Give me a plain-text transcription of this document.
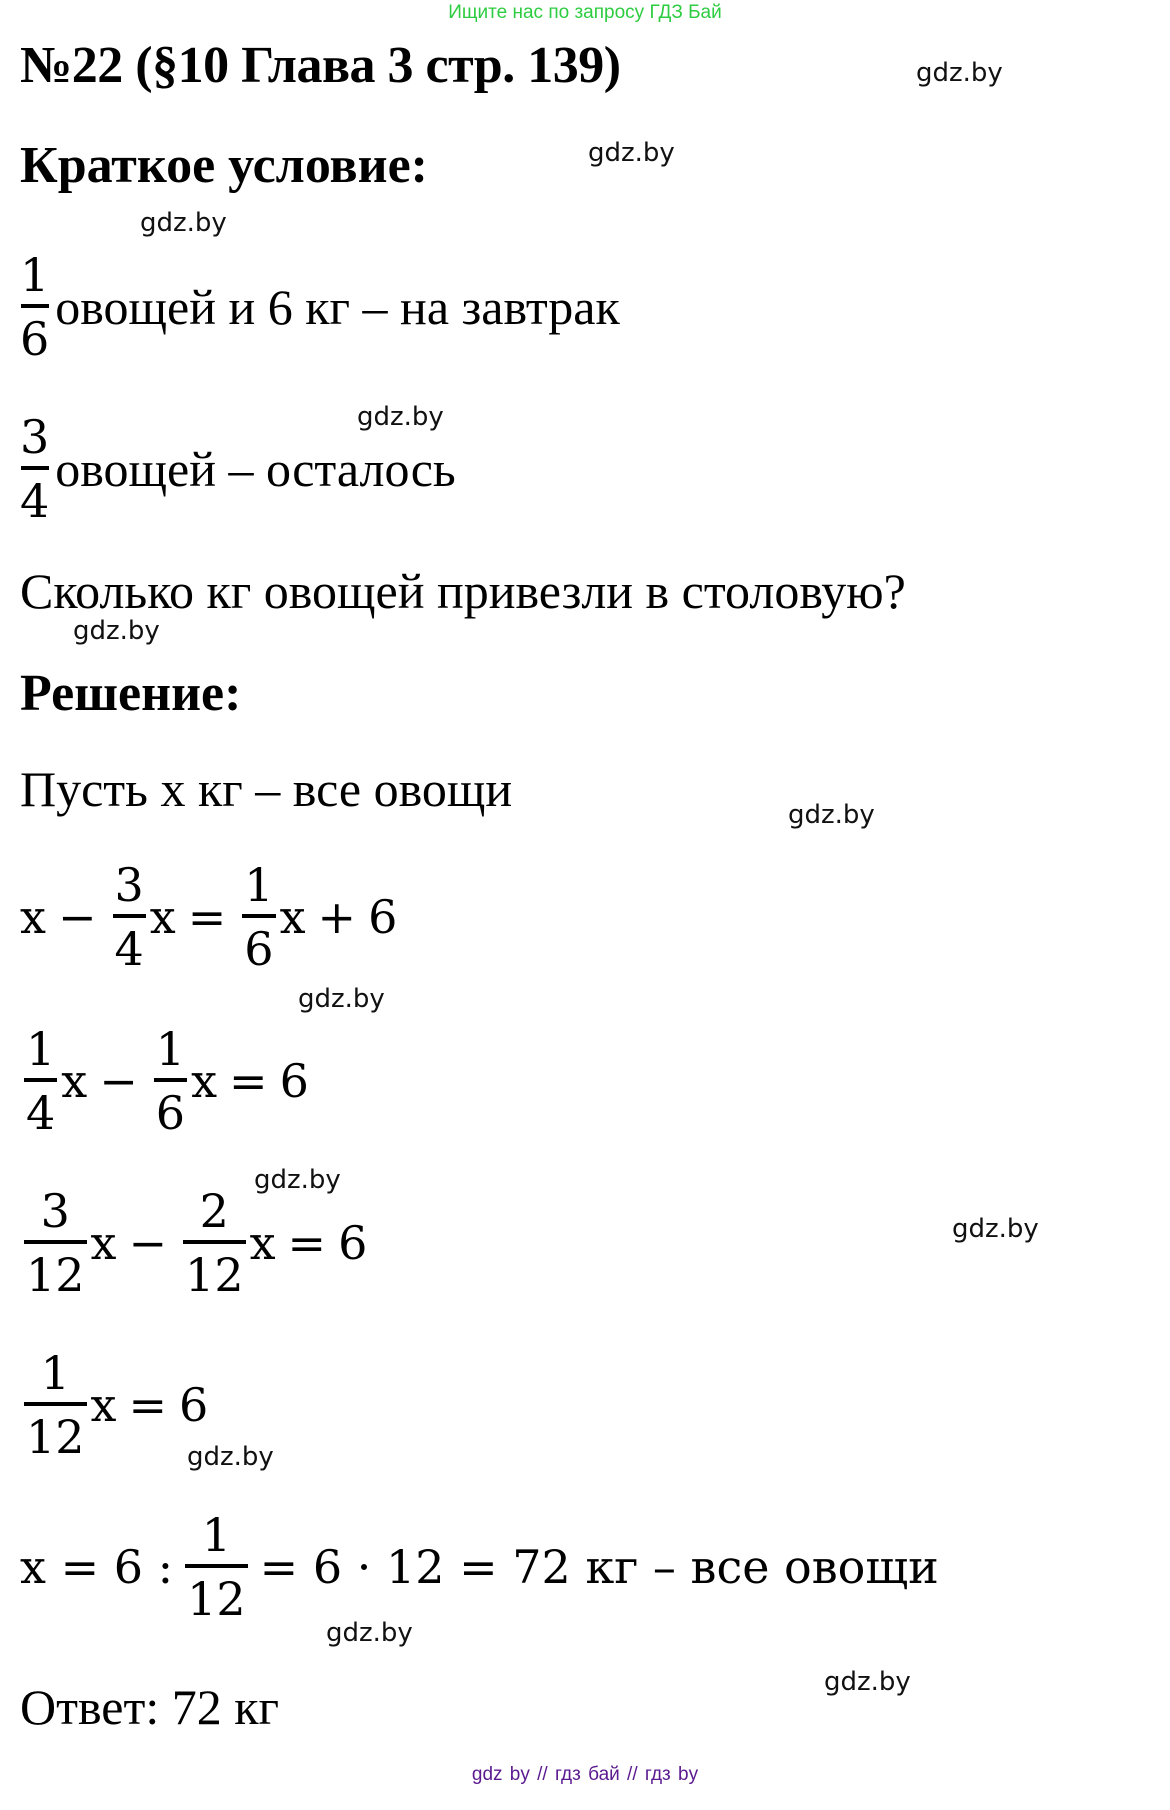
Ищите нас по запросу ГДЗ Бай
№22 (§10 Глава 3 стр. 139)	gdz.by
Краткое условие:	gdz.by
gdz.by
$\frac{1}{6}$ овощей и 6 кг – на завтрак
gdz.by
$\frac{3}{4}$ овощей – осталось
Сколько кг овощей привезли в столовую?
gdz.by
Решение:
Пусть x кг – все овощи	gdz.by
$x - \frac{3}{4}$ $x = \frac{1}{6}$ x + 6
gdz.by
$\frac{1}{4}$ $x - \frac{1}{6}$ x = 6
gdz.by
gdz.by
$\frac{3}{12}$ $x - \frac{2}{12}$ x = 6
$\frac{1}{12}$ x = 6
gdz.by
x = 6 : $\frac{1}{12} = 6 \cdot 12 = 72$ кг – все овощи
gdz.by
gdz.by
Ответ: 72 кг
gdz by // гдз бай // гдз by
